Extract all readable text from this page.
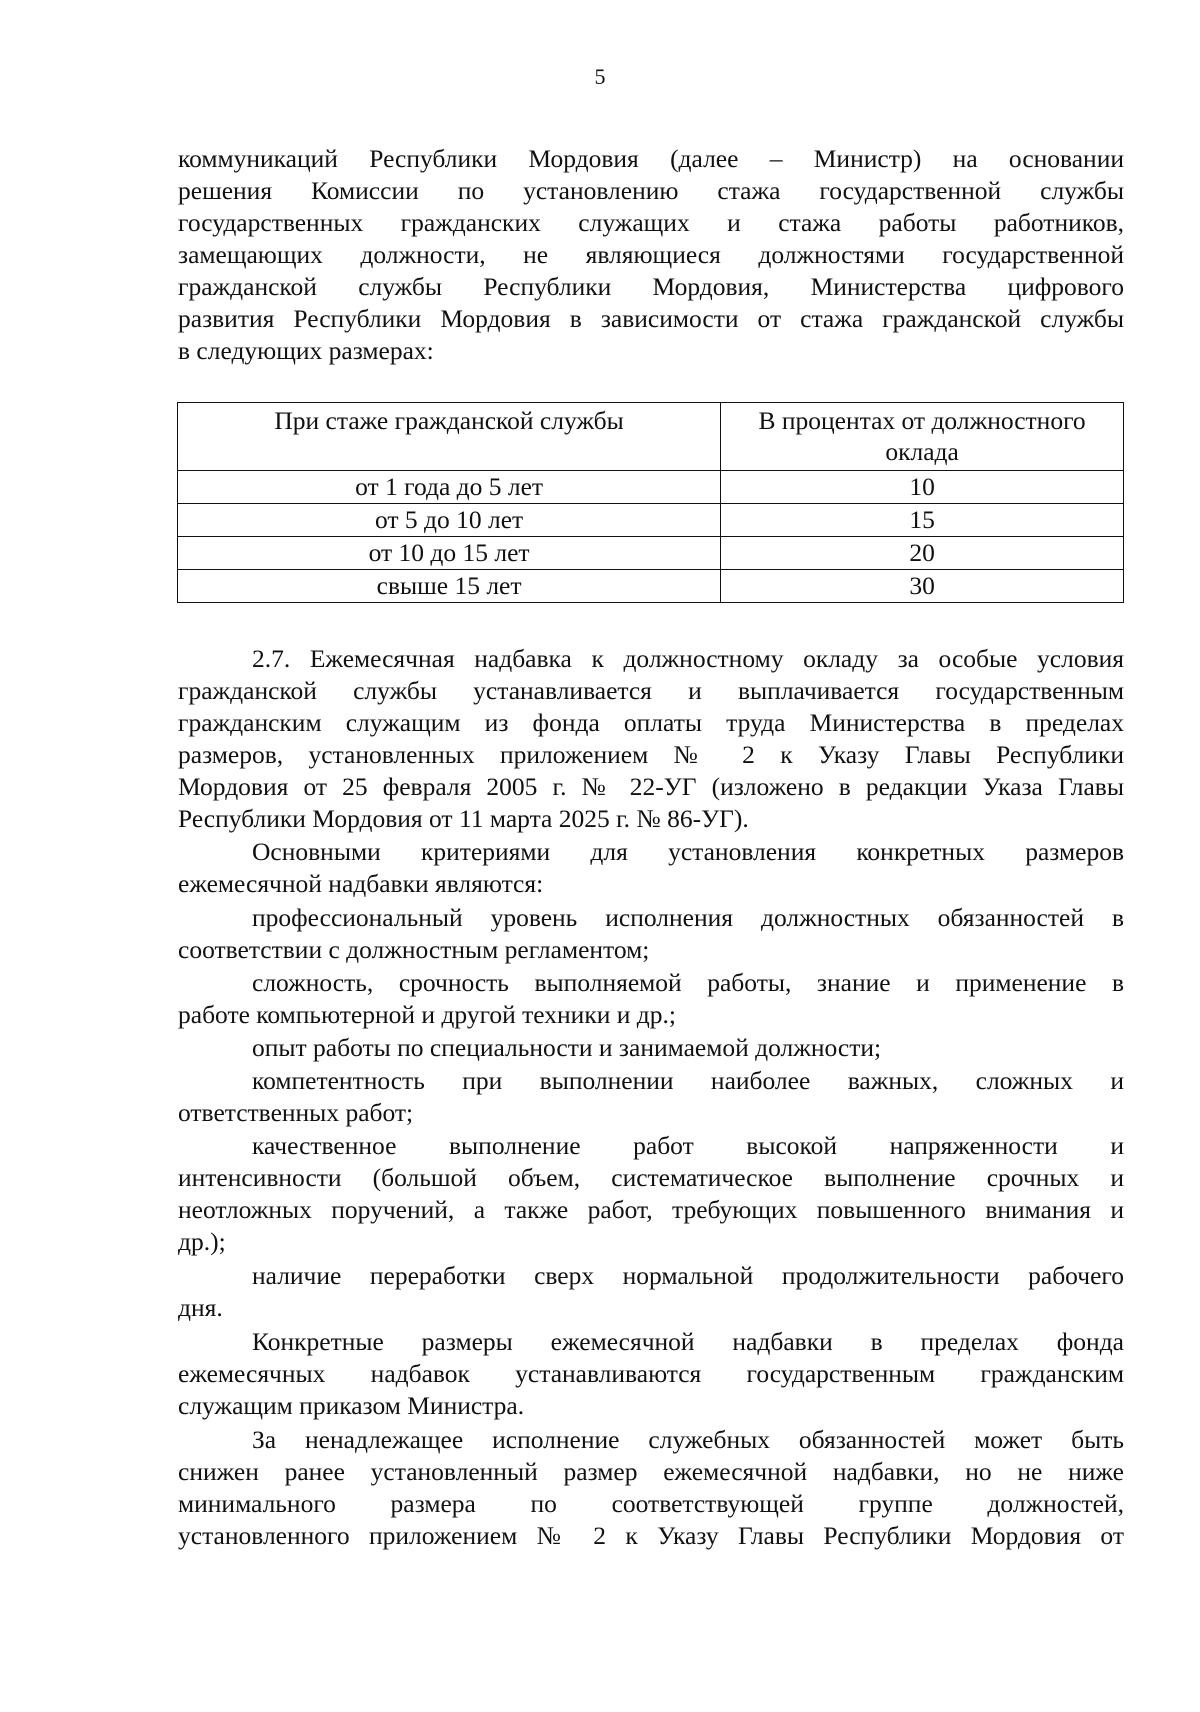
5
коммуникаций Республики Мордовия (далее – Министр) на основании
решения Комиссии по установлению стажа государственной службы
государственных гражданских служащих и стажа работы работников,
замещающих должности, не являющиеся должностями государственной
гражданской службы Республики Мордовия, Министерства цифрового
развития Республики Мордовия в зависимости от стажа гражданской службы
в следующих размерах:
При стаже гражданской службы	В процентах от должностного оклада
от 1 года до 5 лет	10
от 5 до 10 лет	15
от 10 до 15 лет	20
свыше 15 лет	30
2.7. Ежемесячная надбавка к должностному окладу за особые условия
гражданской службы устанавливается и выплачивается государственным
гражданским служащим из фонда оплаты труда Министерства в пределах
размеров, установленных приложением № 2 к Указу Главы Республики
Мордовия от 25 февраля 2005 г. № 22-УГ (изложено в редакции Указа Главы
Республики Мордовия от 11 марта 2025 г. № 86-УГ).
Основными критериями для установления конкретных размеров
ежемесячной надбавки являются:
профессиональный уровень исполнения должностных обязанностей в
соответствии с должностным регламентом;
сложность, срочность выполняемой работы, знание и применение в
работе компьютерной и другой техники и др.;
опыт работы по специальности и занимаемой должности;
компетентность при выполнении наиболее важных, сложных и
ответственных работ;
качественное выполнение работ высокой напряженности и
интенсивности (большой объем, систематическое выполнение срочных и
неотложных поручений, а также работ, требующих повышенного внимания и
др.);
наличие переработки сверх нормальной продолжительности рабочего
дня.
Конкретные размеры ежемесячной надбавки в пределах фонда
ежемесячных надбавок устанавливаются государственным гражданским
служащим приказом Министра.
За ненадлежащее исполнение служебных обязанностей может быть
снижен ранее установленный размер ежемесячной надбавки, но не ниже
минимального размера по соответствующей группе должностей,
установленного приложением № 2 к Указу Главы Республики Мордовия от
